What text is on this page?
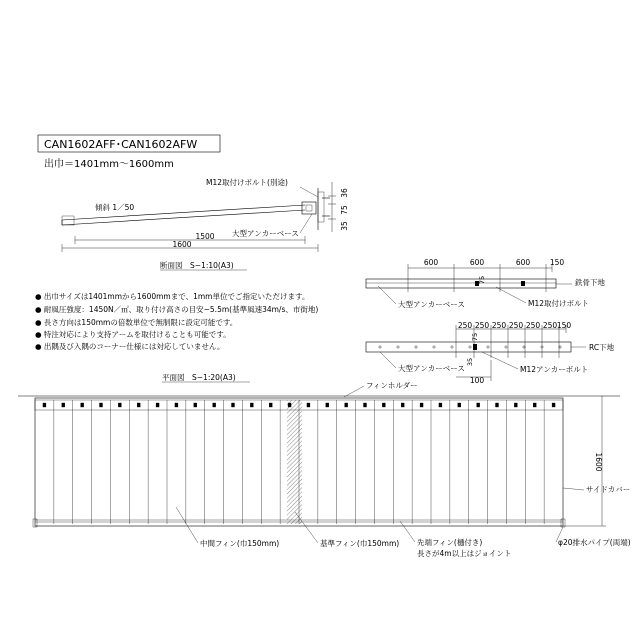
CAN1602AFF･CAN1602AFW
出巾＝1401mm～1600mm
36
75
35
M12取付けボルト(別途)
傾斜 1／50
大型アンカーベース
1500
1600
断面図　S−1:10(A3)
● 出巾サイズは1401mmから1600mmまで、1mm単位でご指定いただけます。
● 耐風圧強度：1450N／㎡、取り付け高さの目安−5.5m(基準風速34m/s、市街地)
● 長さ方向は150mmの倍数単位で無制限に設定可能です。
● 特注対応により支持アームを取付けることも可能です。
● 出隅及び入隅のコーナー仕様には対応していません。
600	600	600	150
75	鉄骨下地
大型アンカーベース	M12取付けボルト
250 250 250 250 250 250 150
75
35
RC下地
大型アンカーベース	M12アンカーボルト
100
平面図　S−1:20(A3)
フィンホルダー
1600
サイドカバー
中間フィン(巾150mm)	基準フィン(巾150mm) 先端フィン(樋付き)
長さが4m以上はジョイント
φ20排水パイプ(両端)
